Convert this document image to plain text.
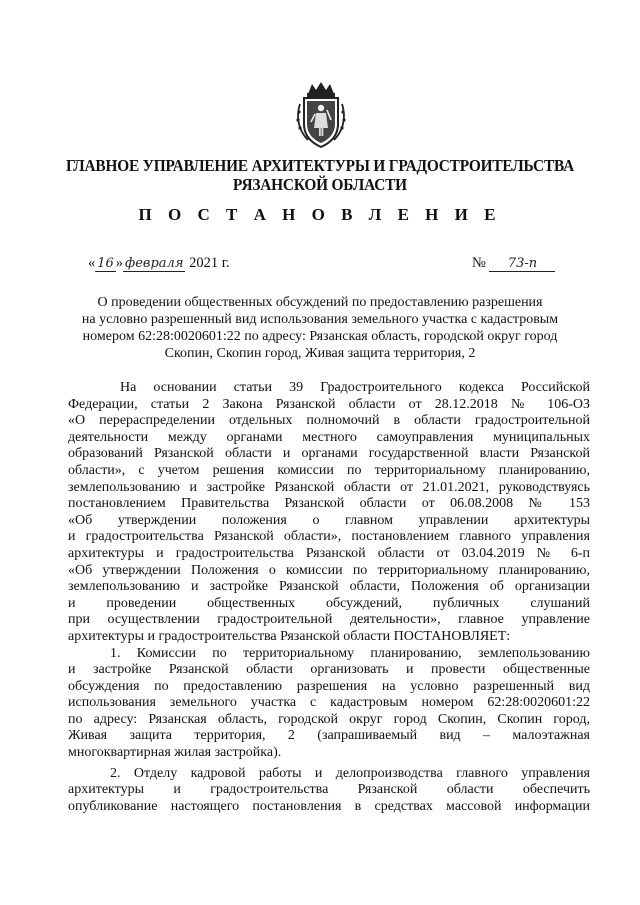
ГЛАВНОЕ УПРАВЛЕНИЕ АРХИТЕКТУРЫ И ГРАДОСТРОИТЕЛЬСТВА
РЯЗАНСКОЙ ОБЛАСТИ
П О С Т А Н О В Л Е Н И Е
« 16 » февраля 2021 г.	№ 73-п
О проведении общественных обсуждений по предоставлению разрешения
на условно разрешенный вид использования земельного участка с кадастровым
номером 62:28:0020601:22 по адресу: Рязанская область, городской округ город
Скопин, Скопин город, Живая защита территория, 2

На основании статьи 39 Градостроительного кодекса Российской

Федерации, статьи 2 Закона Рязанской области от 28.12.2018 № 106-ОЗ

«О перераспределении отдельных полномочий в области градостроительной

деятельности между органами местного самоуправления муниципальных

образований Рязанской области и органами государственной власти Рязанской

области», с учетом решения комиссии по территориальному планированию,

землепользованию и застройке Рязанской области от 21.01.2021, руководствуясь

постановлением Правительства Рязанской области от 06.08.2008 № 153

«Об утверждении положения о главном управлении архитектуры

и градостроительства Рязанской области», постановлением главного управления

архитектуры и градостроительства Рязанской области от 03.04.2019 № 6-п

«Об утверждении Положения о комиссии по территориальному планированию,

землепользованию и застройке Рязанской области, Положения об организации

и проведении общественных обсуждений, публичных слушаний

при осуществлении градостроительной деятельности», главное управление

архитектуры и градостроительства Рязанской области ПОСТАНОВЛЯЕТ:

1. Комиссии по территориальному планированию, землепользованию

и застройке Рязанской области организовать и провести общественные

обсуждения по предоставлению разрешения на условно разрешенный вид

использования земельного участка с кадастровым номером 62:28:0020601:22

по адресу: Рязанская область, городской округ город Скопин, Скопин город,

Живая защита территория, 2 (запрашиваемый вид – малоэтажная

многоквартирная жилая застройка).

2. Отделу кадровой работы и делопроизводства главного управления

архитектуры и градостроительства Рязанской области обеспечить

опубликование настоящего постановления в средствах массовой информации
